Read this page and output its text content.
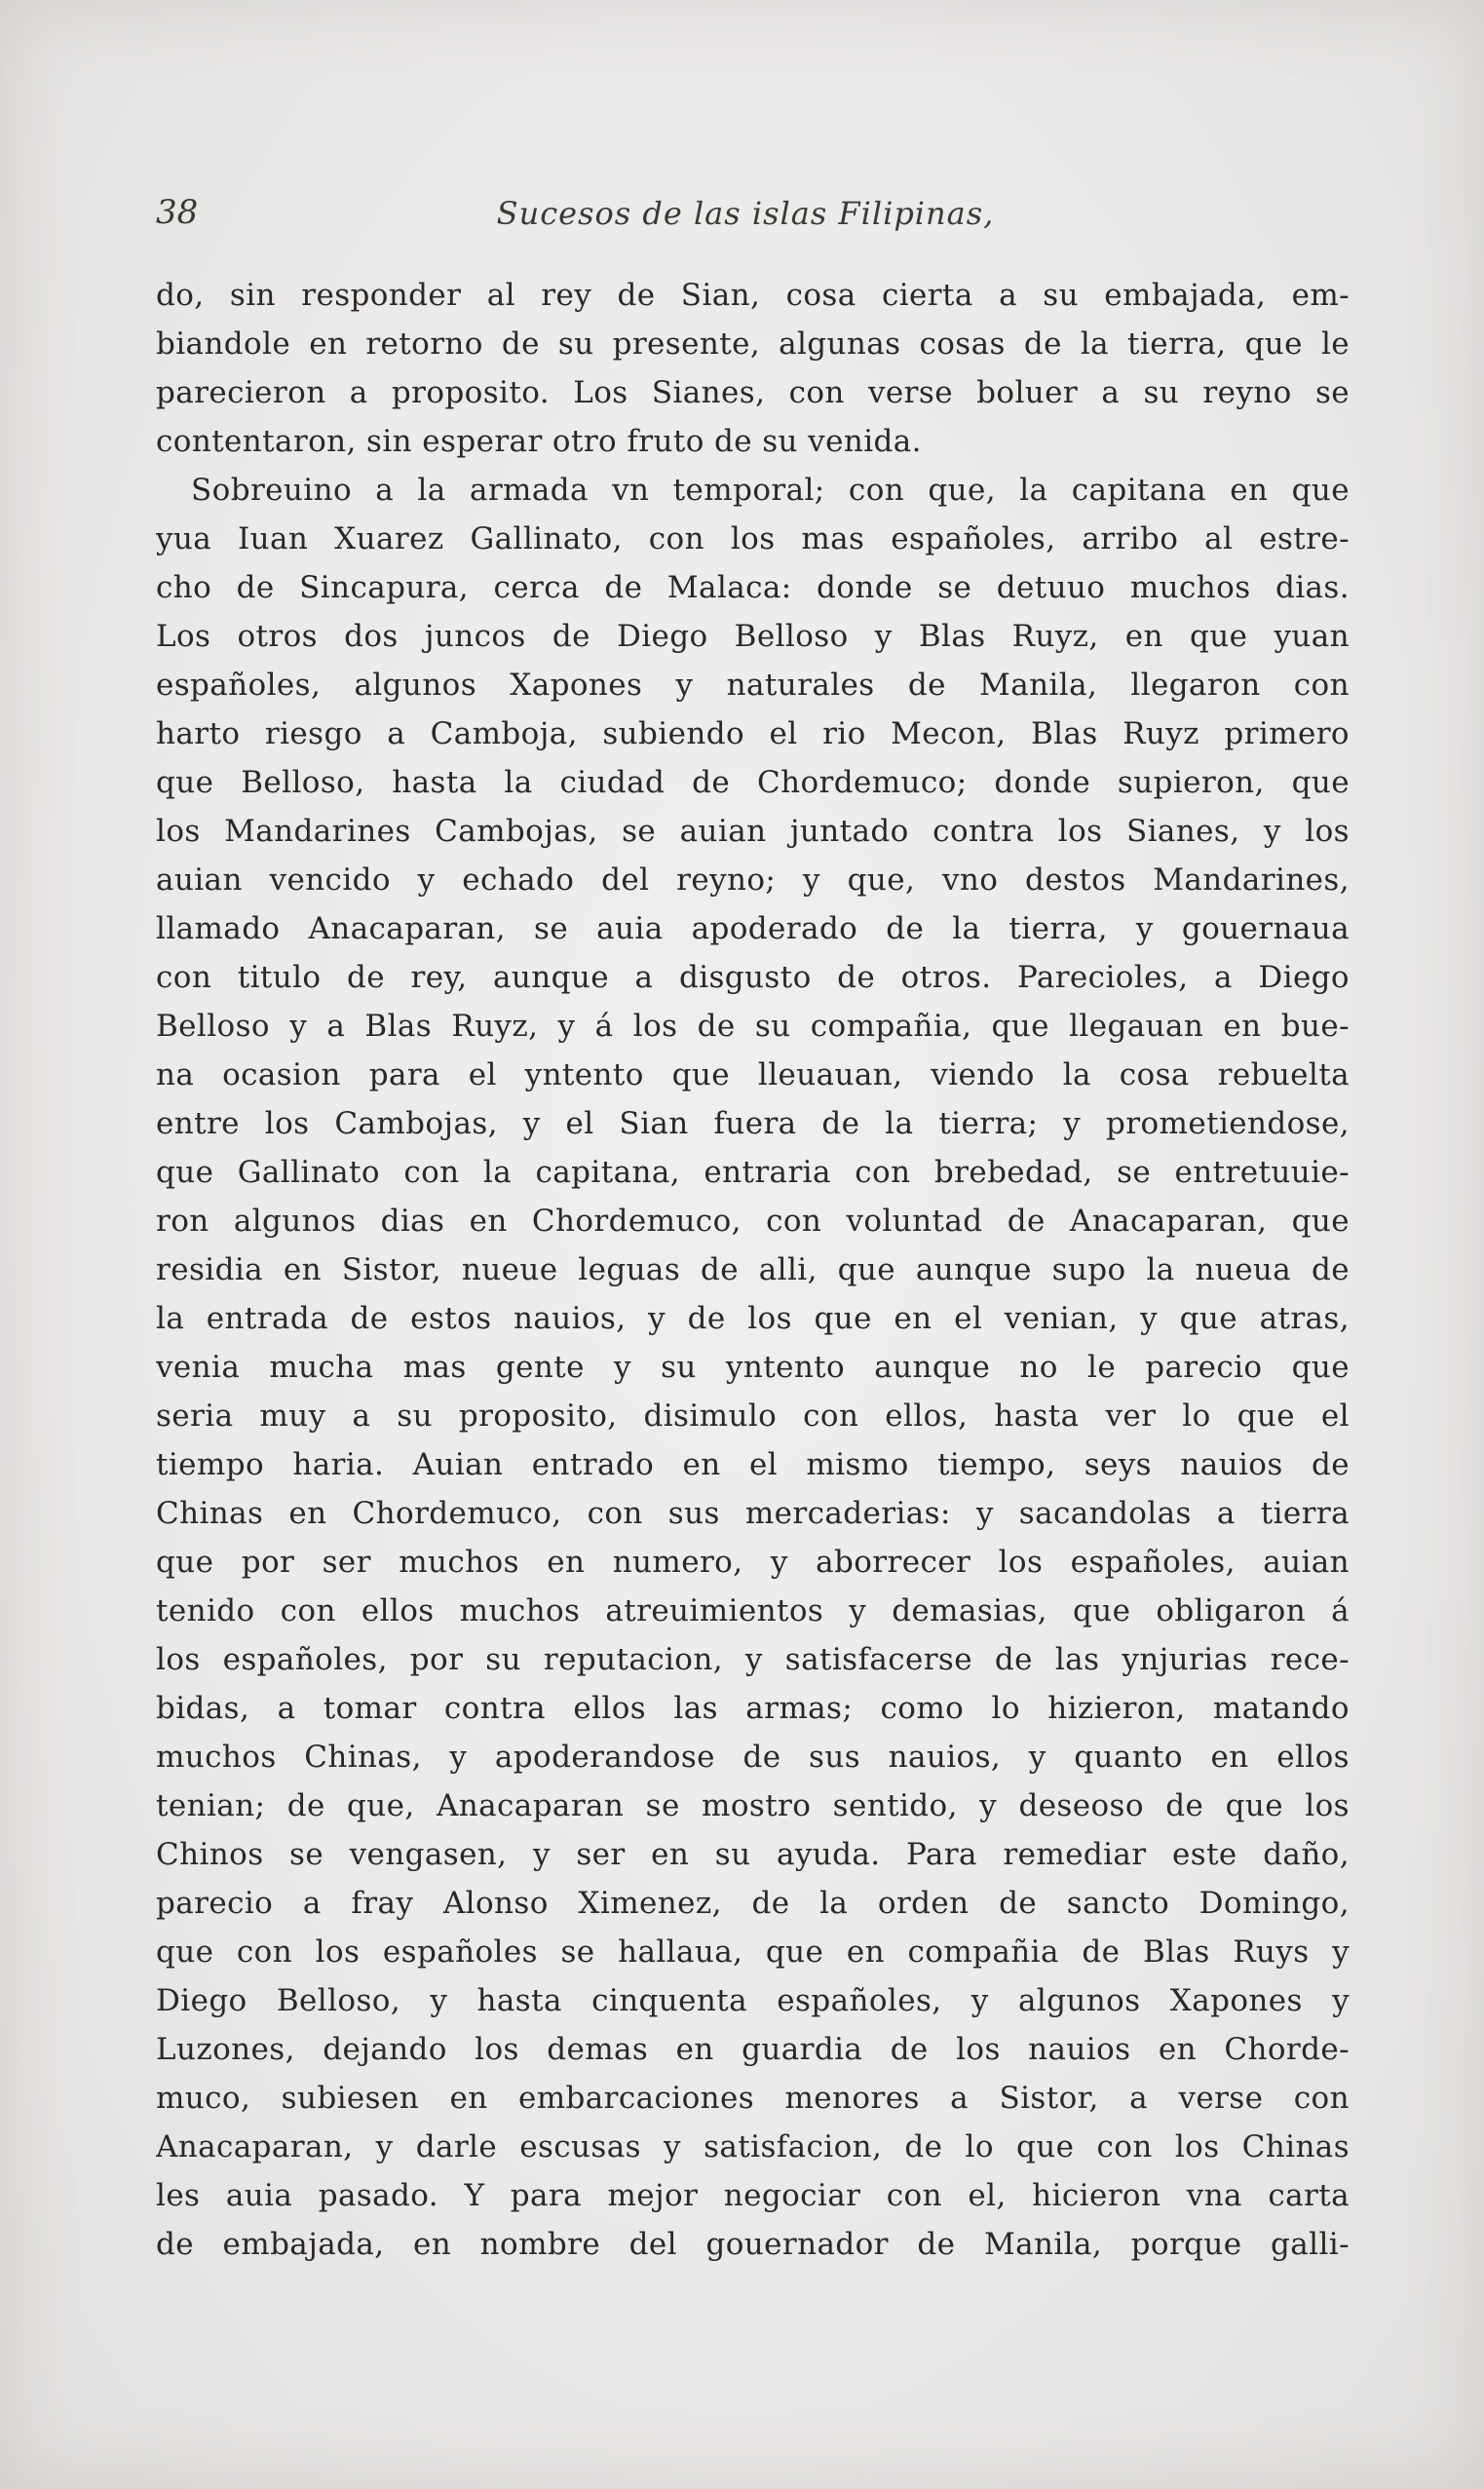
38	Sucesos de las islas Filipinas,
do, sin responder al rey de Sian, cosa cierta a su embajada, em-
biandole en retorno de su presente, algunas cosas de la tierra, que le
parecieron a proposito. Los Sianes, con verse boluer a su reyno se
contentaron, sin esperar otro fruto de su venida.
Sobreuino a la armada vn temporal; con que, la capitana en que
yua Iuan Xuarez Gallinato, con los mas españoles, arribo al estre-
cho de Sincapura, cerca de Malaca: donde se detuuo muchos dias.
Los otros dos juncos de Diego Belloso y Blas Ruyz, en que yuan
españoles, algunos Xapones y naturales de Manila, llegaron con
harto riesgo a Camboja, subiendo el rio Mecon, Blas Ruyz primero
que Belloso, hasta la ciudad de Chordemuco; donde supieron, que
los Mandarines Cambojas, se auian juntado contra los Sianes, y los
auian vencido y echado del reyno; y que, vno destos Mandarines,
llamado Anacaparan, se auia apoderado de la tierra, y gouernaua
con titulo de rey, aunque a disgusto de otros. Parecioles, a Diego
Belloso y a Blas Ruyz, y á los de su compañia, que llegauan en bue-
na ocasion para el yntento que lleuauan, viendo la cosa rebuelta
entre los Cambojas, y el Sian fuera de la tierra; y prometiendose,
que Gallinato con la capitana, entraria con brebedad, se entretuuie-
ron algunos dias en Chordemuco, con voluntad de Anacaparan, que
residia en Sistor, nueue leguas de alli, que aunque supo la nueua de
la entrada de estos nauios, y de los que en el venian, y que atras,
venia mucha mas gente y su yntento aunque no le parecio que
seria muy a su proposito, disimulo con ellos, hasta ver lo que el
tiempo haria. Auian entrado en el mismo tiempo, seys nauios de
Chinas en Chordemuco, con sus mercaderias: y sacandolas a tierra
que por ser muchos en numero, y aborrecer los españoles, auian
tenido con ellos muchos atreuimientos y demasias, que obligaron á
los españoles, por su reputacion, y satisfacerse de las ynjurias rece-
bidas, a tomar contra ellos las armas; como lo hizieron, matando
muchos Chinas, y apoderandose de sus nauios, y quanto en ellos
tenian; de que, Anacaparan se mostro sentido, y deseoso de que los
Chinos se vengasen, y ser en su ayuda. Para remediar este daño,
parecio a fray Alonso Ximenez, de la orden de sancto Domingo,
que con los españoles se hallaua, que en compañia de Blas Ruys y
Diego Belloso, y hasta cinquenta españoles, y algunos Xapones y
Luzones, dejando los demas en guardia de los nauios en Chorde-
muco, subiesen en embarcaciones menores a Sistor, a verse con
Anacaparan, y darle escusas y satisfacion, de lo que con los Chinas
les auia pasado. Y para mejor negociar con el, hicieron vna carta
de embajada, en nombre del gouernador de Manila, porque galli-
